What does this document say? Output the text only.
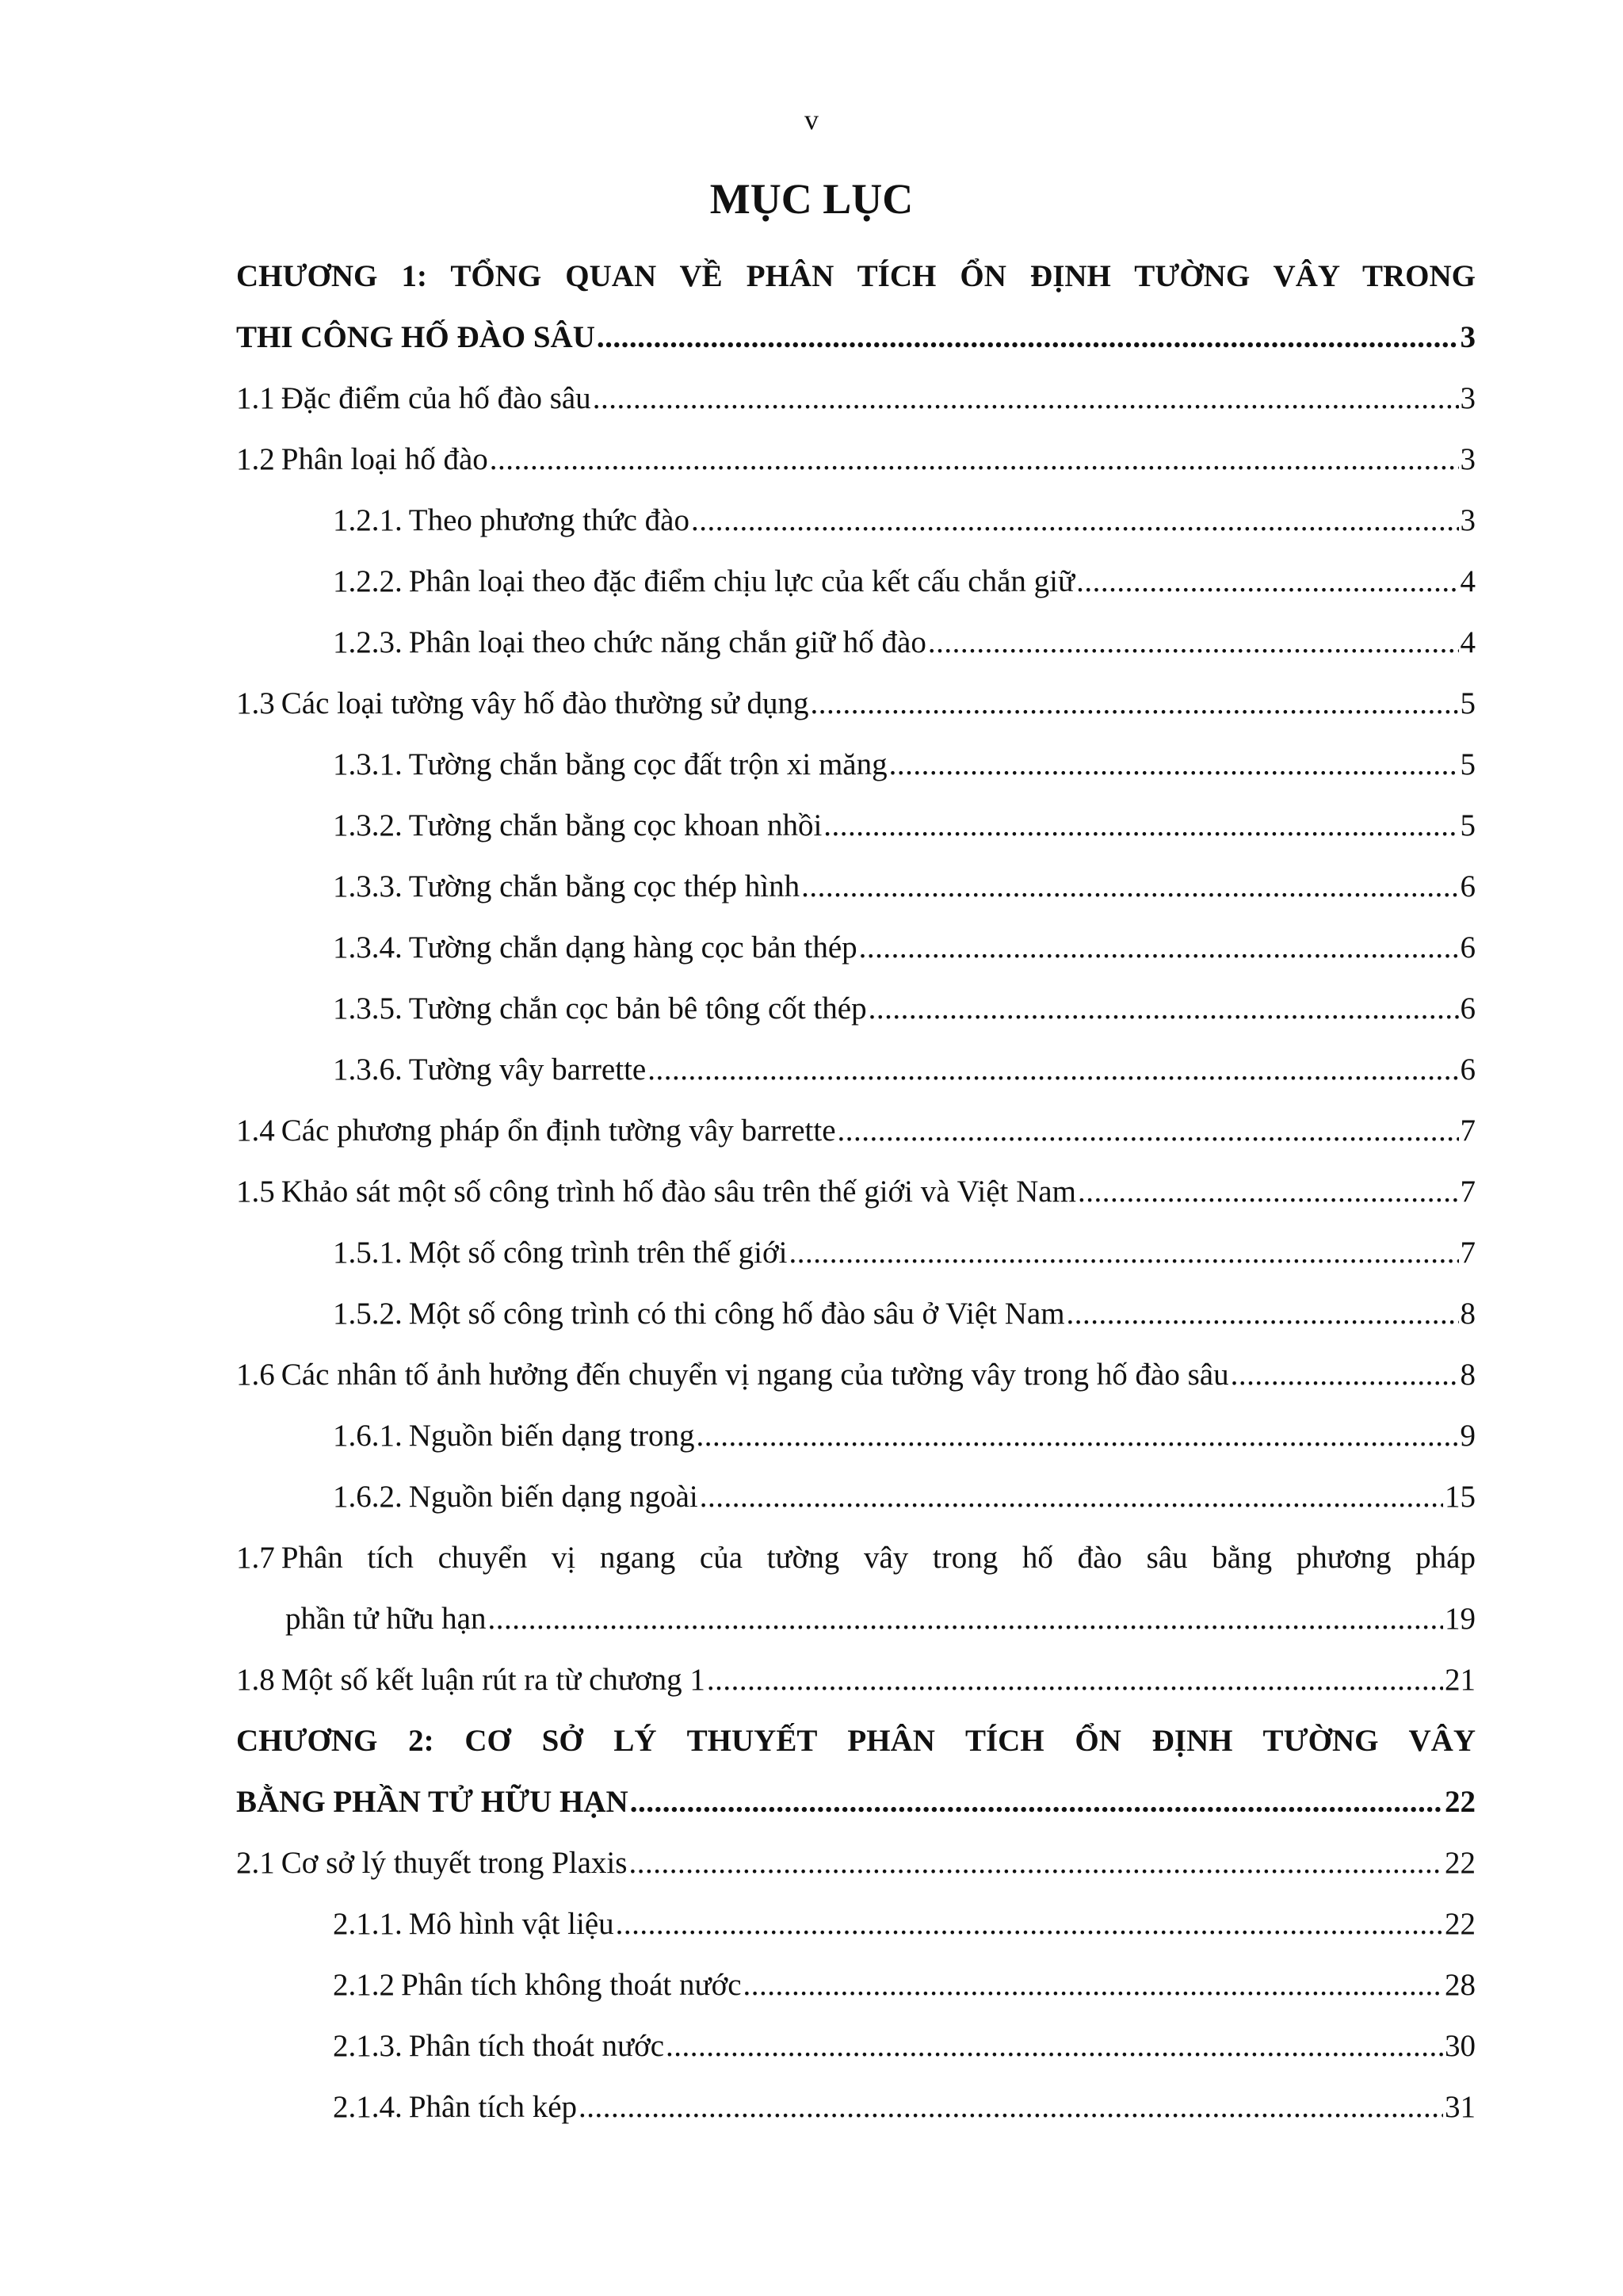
v
MỤC LỤC
CHƯƠNG 1: TỔNG QUAN VỀ PHÂN TÍCH ỔN ĐỊNH TƯỜNG VÂY TRONG
THI CÔNG HỐ ĐÀO SÂU .....	3
1.1 Đặc điểm của hố đào sâu .....	3
1.2 Phân loại hố đào .....	3
1.2.1. Theo phương thức đào .....	3
1.2.2. Phân loại theo đặc điểm chịu lực của kết cấu chắn giữ .....	4
1.2.3. Phân loại theo chức năng chắn giữ hố đào .....	4
1.3 Các loại tường vây hố đào thường sử dụng .....	5
1.3.1. Tường chắn bằng cọc đất trộn xi măng .....	5
1.3.2. Tường chắn bằng cọc khoan nhồi .....	5
1.3.3. Tường chắn bằng cọc thép hình .....	6
1.3.4. Tường chắn dạng hàng cọc bản thép .....	6
1.3.5. Tường chắn cọc bản bê tông cốt thép .....	6
1.3.6. Tường vây barrette .....	6
1.4 Các phương pháp ổn định tường vây barrette .....	7
1.5 Khảo sát một số công trình hố đào sâu trên thế giới và Việt Nam .....	7
1.5.1. Một số công trình trên thế giới .....	7
1.5.2. Một số công trình có thi công hố đào sâu ở Việt Nam .....	8
1.6 Các nhân tố ảnh hưởng đến chuyển vị ngang của tường vây trong hố đào sâu .....	8
1.6.1. Nguồn biến dạng trong .....	9
1.6.2. Nguồn biến dạng ngoài .....	15
1.7 Phân tích chuyển vị ngang của tường vây trong hố đào sâu bằng phương pháp
phần tử hữu hạn .....	19
1.8 Một số kết luận rút ra từ chương 1 .....	21
CHƯƠNG 2: CƠ SỞ LÝ THUYẾT PHÂN TÍCH ỔN ĐỊNH TƯỜNG VÂY
BẰNG PHẦN TỬ HỮU HẠN .....	22
2.1 Cơ sở lý thuyết trong Plaxis .....	22
2.1.1. Mô hình vật liệu .....	22
2.1.2 Phân tích không thoát nước .....	28
2.1.3. Phân tích thoát nước .....	30
2.1.4. Phân tích kép .....	31
